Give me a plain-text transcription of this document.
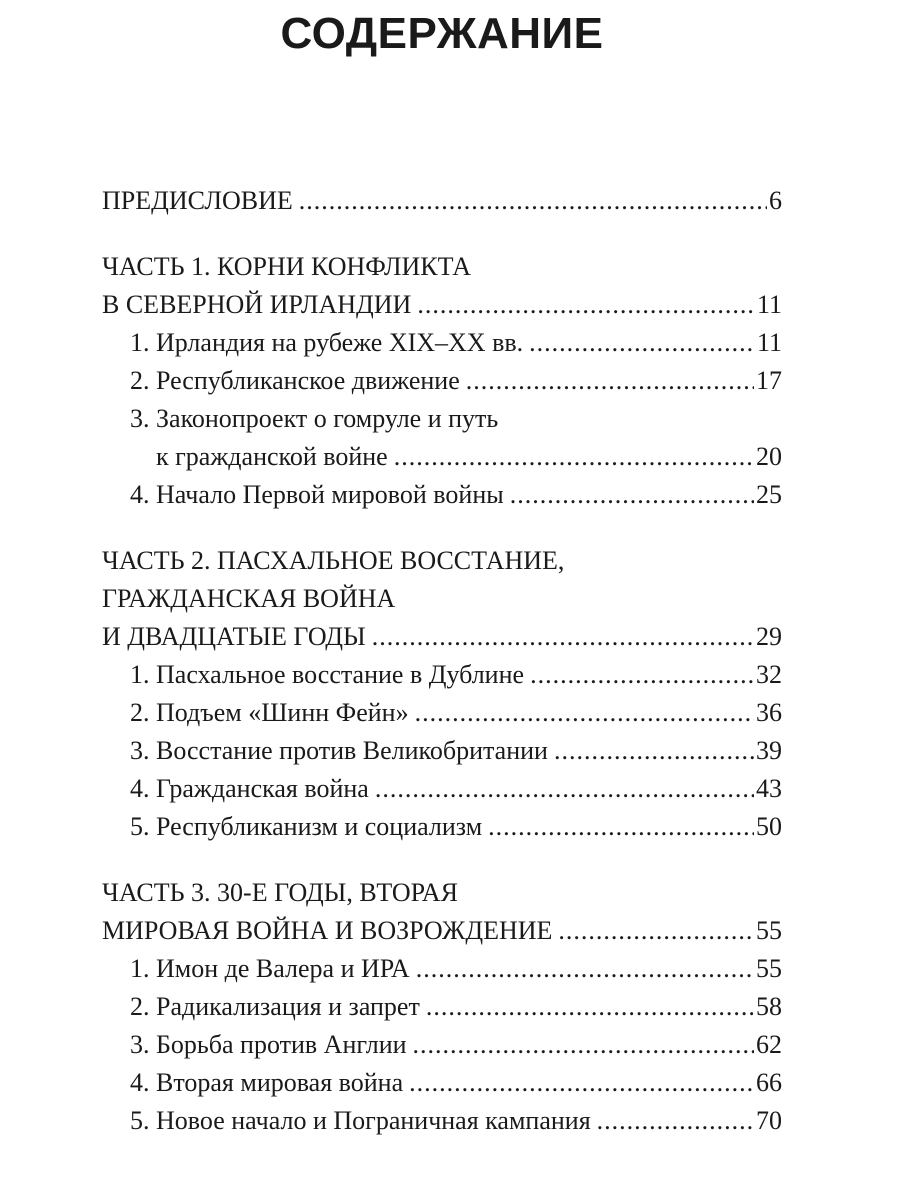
СОДЕРЖАНИЕ
ПРЕДИСЛОВИЕ .....	6
ЧАСТЬ 1. КОРНИ КОНФЛИКТА
В СЕВЕРНОЙ ИРЛАНДИИ .....	11
1. Ирландия на рубеже XIX–XX вв. .....	11
2. Республиканское движение .....	17
3. Законопроект о гомруле и путь
к гражданской войне .....	20
4. Начало Первой мировой войны .....	25
ЧАСТЬ 2. ПАСХАЛЬНОЕ ВОССТАНИЕ,
ГРАЖДАНСКАЯ ВОЙНА
И ДВАДЦАТЫЕ ГОДЫ .....	29
1. Пасхальное восстание в Дублине .....	32
2. Подъем «Шинн Фейн» .....	36
3. Восстание против Великобритании .....	39
4. Гражданская война .....	43
5. Республиканизм и социализм .....	50
ЧАСТЬ 3. 30-Е ГОДЫ, ВТОРАЯ
МИРОВАЯ ВОЙНА И ВОЗРОЖДЕНИЕ .....	55
1. Имон де Валера и ИРА .....	55
2. Радикализация и запрет .....	58
3. Борьба против Англии .....	62
4. Вторая мировая война .....	66
5. Новое начало и Пограничная кампания .....	70
